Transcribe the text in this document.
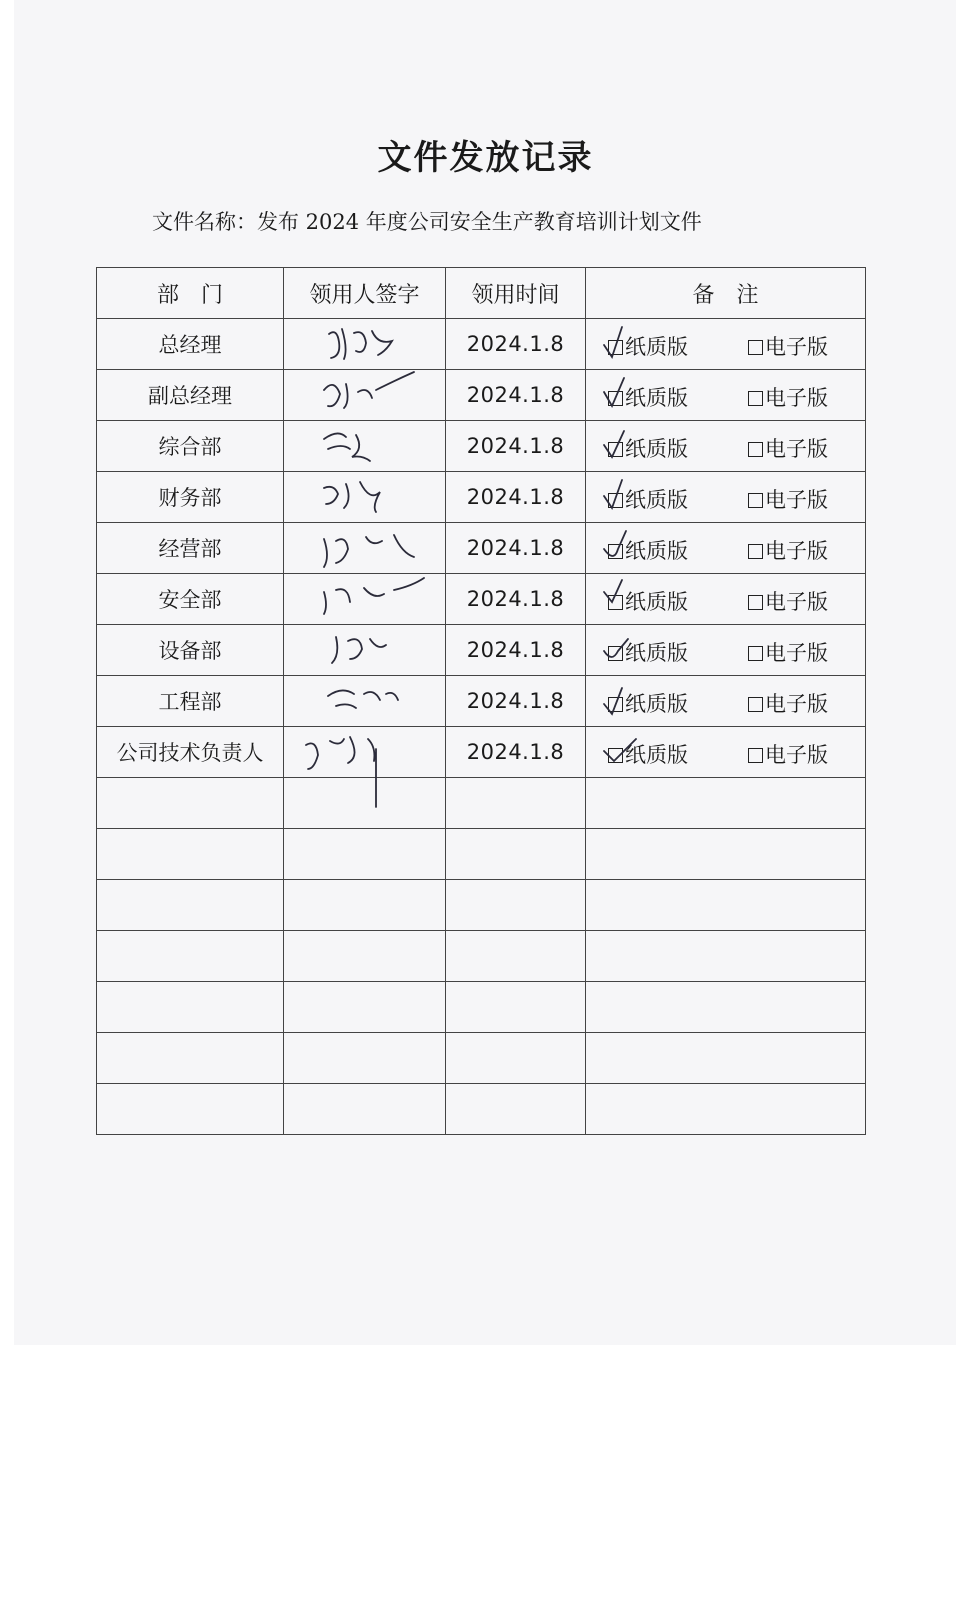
文件发放记录
文件名称：发布 2024 年度公司安全生产教育培训计划文件
部　门	领用人签字	领用时间	备　注
总经理		2024.1.8	纸质版 电子版

副总经理		2024.1.8	纸质版 电子版

综合部		2024.1.8	纸质版 电子版

财务部		2024.1.8	纸质版 电子版

经营部		2024.1.8	纸质版 电子版

安全部		2024.1.8	纸质版 电子版

设备部		2024.1.8	纸质版 电子版

工程部		2024.1.8	纸质版 电子版

公司技术负责人		2024.1.8	纸质版 电子版
